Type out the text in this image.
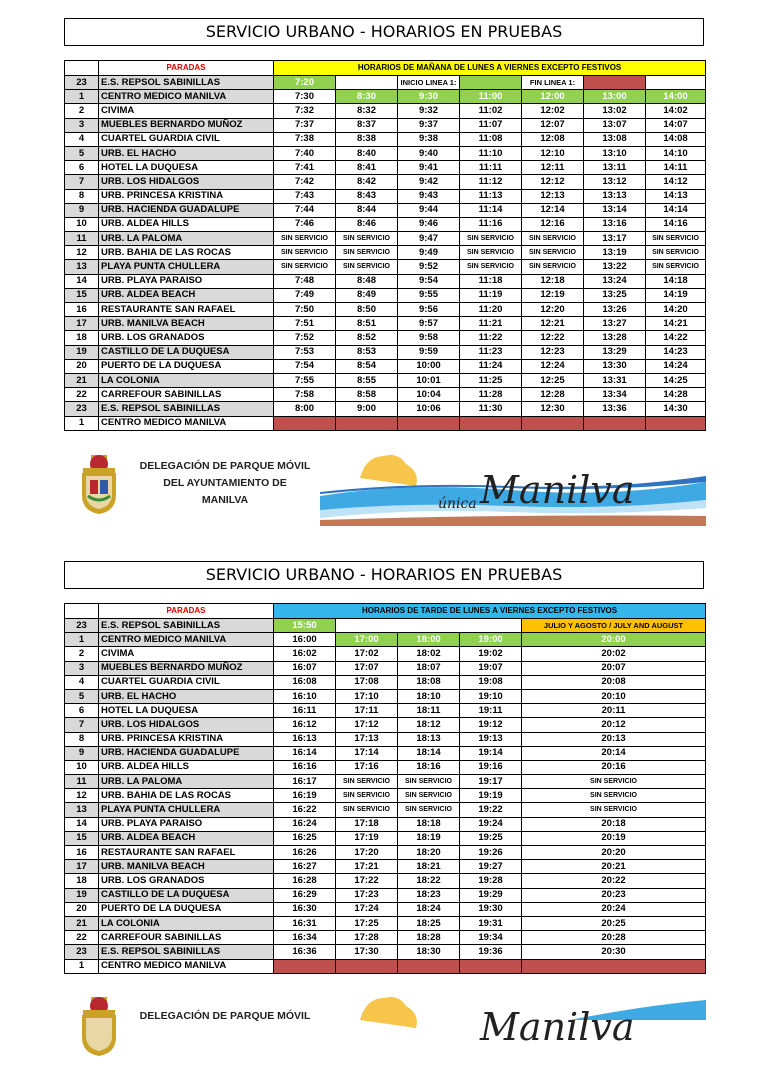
SERVICIO URBANO - HORARIOS EN PRUEBAS
	PARADAS	HORARIOS DE MAÑANA DE LUNES A VIERNES EXCEPTO FESTIVOS						
23	E.S. REPSOL SABINILLAS	7:20		INICIO LINEA 1:		FIN LINEA 1:		
1	CENTRO MEDICO MANILVA	7:30	8:30	9:30	11:00	12:00	13:00	14:00
2	CIVIMA	7:32	8:32	9:32	11:02	12:02	13:02	14:02
3	MUEBLES BERNARDO MUÑOZ	7:37	8:37	9:37	11:07	12:07	13:07	14:07
4	CUARTEL GUARDIA CIVIL	7:38	8:38	9:38	11:08	12:08	13:08	14:08
5	URB. EL HACHO	7:40	8:40	9:40	11:10	12:10	13:10	14:10
6	HOTEL LA DUQUESA	7:41	8:41	9:41	11:11	12:11	13:11	14:11
7	URB. LOS HIDALGOS	7:42	8:42	9:42	11:12	12:12	13:12	14:12
8	URB. PRINCESA KRISTINA	7:43	8:43	9:43	11:13	12:13	13:13	14:13
9	URB. HACIENDA GUADALUPE	7:44	8:44	9:44	11:14	12:14	13:14	14:14
10	URB. ALDEA HILLS	7:46	8:46	9:46	11:16	12:16	13:16	14:16
11	URB. LA PALOMA	SIN SERVICIO	SIN SERVICIO	9:47	SIN SERVICIO	SIN SERVICIO	13:17	SIN SERVICIO
12	URB. BAHIA DE LAS ROCAS	SIN SERVICIO	SIN SERVICIO	9:49	SIN SERVICIO	SIN SERVICIO	13:19	SIN SERVICIO
13	PLAYA PUNTA CHULLERA	SIN SERVICIO	SIN SERVICIO	9:52	SIN SERVICIO	SIN SERVICIO	13:22	SIN SERVICIO
14	URB. PLAYA PARAISO	7:48	8:48	9:54	11:18	12:18	13:24	14:18
15	URB. ALDEA BEACH	7:49	8:49	9:55	11:19	12:19	13:25	14:19
16	RESTAURANTE SAN RAFAEL	7:50	8:50	9:56	11:20	12:20	13:26	14:20
17	URB. MANILVA BEACH	7:51	8:51	9:57	11:21	12:21	13:27	14:21
18	URB. LOS GRANADOS	7:52	8:52	9:58	11:22	12:22	13:28	14:22
19	CASTILLO DE LA DUQUESA	7:53	8:53	9:59	11:23	12:23	13:29	14:23
20	PUERTO DE LA DUQUESA	7:54	8:54	10:00	11:24	12:24	13:30	14:24
21	LA COLONIA	7:55	8:55	10:01	11:25	12:25	13:31	14:25
22	CARREFOUR SABINILLAS	7:58	8:58	10:04	11:28	12:28	13:34	14:28
23	E.S. REPSOL SABINILLAS	8:00	9:00	10:06	11:30	12:30	13:36	14:30
1	CENTRO MEDICO MANILVA							
DELEGACIÓN DE PARQUE MÓVIL
DEL AYUNTAMIENTO DE
MANILVA	única Manilva
SERVICIO URBANO - HORARIOS EN PRUEBAS
	PARADAS	HORARIOS DE TARDE DE LUNES A VIERNES EXCEPTO FESTIVOS				
23	E.S. REPSOL SABINILLAS	15:50				JULIO Y AGOSTO / JULY AND AUGUST
1	CENTRO MEDICO MANILVA	16:00	17:00	18:00	19:00	20:00
2	CIVIMA	16:02	17:02	18:02	19:02	20:02
3	MUEBLES BERNARDO MUÑOZ	16:07	17:07	18:07	19:07	20:07
4	CUARTEL GUARDIA CIVIL	16:08	17:08	18:08	19:08	20:08
5	URB. EL HACHO	16:10	17:10	18:10	19:10	20:10
6	HOTEL LA DUQUESA	16:11	17:11	18:11	19:11	20:11
7	URB. LOS HIDALGOS	16:12	17:12	18:12	19:12	20:12
8	URB. PRINCESA KRISTINA	16:13	17:13	18:13	19:13	20:13
9	URB. HACIENDA GUADALUPE	16:14	17:14	18:14	19:14	20:14
10	URB. ALDEA HILLS	16:16	17:16	18:16	19:16	20:16
11	URB. LA PALOMA	16:17	SIN SERVICIO	SIN SERVICIO	19:17	SIN SERVICIO
12	URB. BAHIA DE LAS ROCAS	16:19	SIN SERVICIO	SIN SERVICIO	19:19	SIN SERVICIO
13	PLAYA PUNTA CHULLERA	16:22	SIN SERVICIO	SIN SERVICIO	19:22	SIN SERVICIO
14	URB. PLAYA PARAISO	16:24	17:18	18:18	19:24	20:18
15	URB. ALDEA BEACH	16:25	17:19	18:19	19:25	20:19
16	RESTAURANTE SAN RAFAEL	16:26	17:20	18:20	19:26	20:20
17	URB. MANILVA BEACH	16:27	17:21	18:21	19:27	20:21
18	URB. LOS GRANADOS	16:28	17:22	18:22	19:28	20:22
19	CASTILLO DE LA DUQUESA	16:29	17:23	18:23	19:29	20:23
20	PUERTO DE LA DUQUESA	16:30	17:24	18:24	19:30	20:24
21	LA COLONIA	16:31	17:25	18:25	19:31	20:25
22	CARREFOUR SABINILLAS	16:34	17:28	18:28	19:34	20:28
23	E.S. REPSOL SABINILLAS	16:36	17:30	18:30	19:36	20:30
1	CENTRO MEDICO MANILVA					
DELEGACIÓN DE PARQUE MÓVIL	Manilva
